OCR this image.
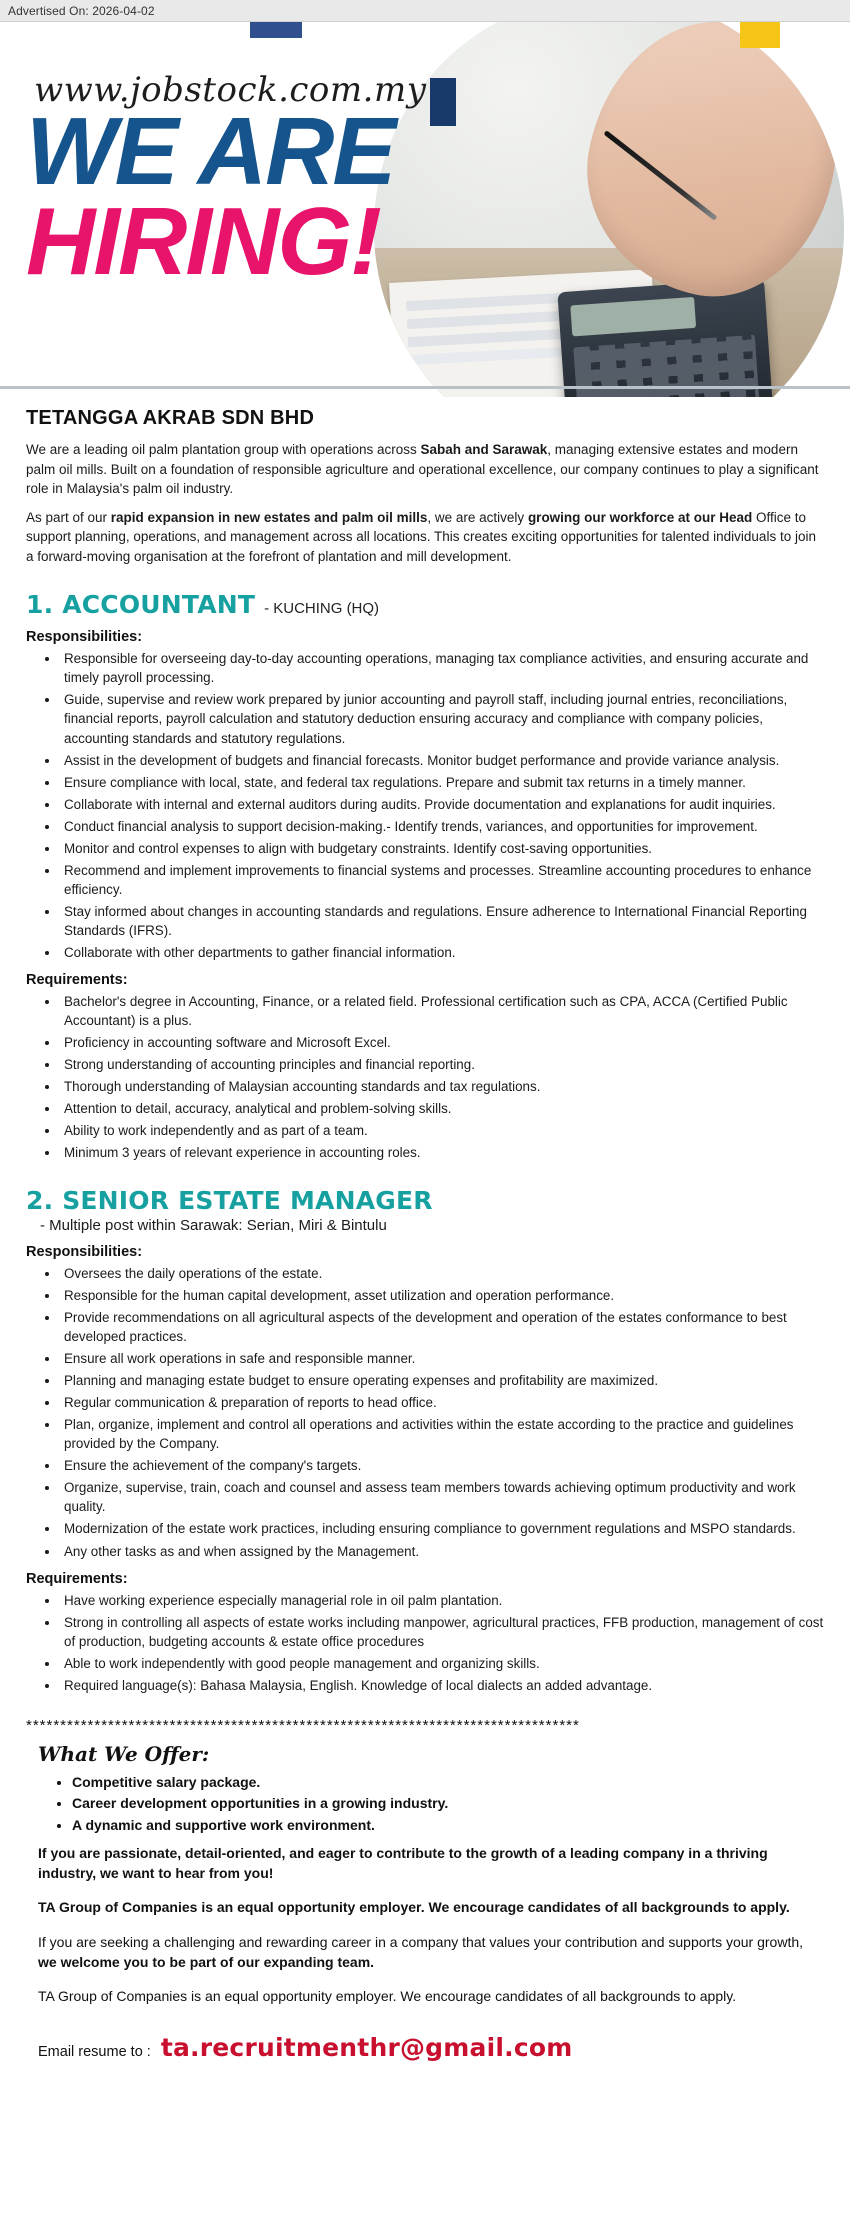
Advertised On: 2026-04-02
www.jobstock.com.my
WE ARE
HIRING!
TETANGGA AKRAB SDN BHD

We are a leading oil palm plantation group with operations across Sabah and Sarawak, managing extensive estates and modern palm oil mills. Built on a foundation of responsible agriculture and operational excellence, our company continues to play a significant role in Malaysia's palm oil industry.

As part of our rapid expansion in new estates and palm oil mills, we are actively growing our workforce at our Head Office to support planning, operations, and management across all locations. This creates exciting opportunities for talented individuals to join a forward-moving organisation at the forefront of plantation and mill development.

1. ACCOUNTANT - KUCHING (HQ)
Responsibilities:
• Responsible for overseeing day-to-day accounting operations, managing tax compliance activities, and ensuring accurate and timely payroll processing.
• Guide, supervise and review work prepared by junior accounting and payroll staff, including journal entries, reconciliations, financial reports, payroll calculation and statutory deduction ensuring accuracy and compliance with company policies, accounting standards and statutory regulations.
• Assist in the development of budgets and financial forecasts. Monitor budget performance and provide variance analysis.
• Ensure compliance with local, state, and federal tax regulations. Prepare and submit tax returns in a timely manner.
• Collaborate with internal and external auditors during audits. Provide documentation and explanations for audit inquiries.
• Conduct financial analysis to support decision-making.- Identify trends, variances, and opportunities for improvement.
• Monitor and control expenses to align with budgetary constraints. Identify cost-saving opportunities.
• Recommend and implement improvements to financial systems and processes. Streamline accounting procedures to enhance efficiency.
• Stay informed about changes in accounting standards and regulations. Ensure adherence to International Financial Reporting Standards (IFRS).
• Collaborate with other departments to gather financial information.
Requirements:
• Bachelor's degree in Accounting, Finance, or a related field. Professional certification such as CPA, ACCA (Certified Public Accountant) is a plus.
• Proficiency in accounting software and Microsoft Excel.
• Strong understanding of accounting principles and financial reporting.
• Thorough understanding of Malaysian accounting standards and tax regulations.
• Attention to detail, accuracy, analytical and problem-solving skills.
• Ability to work independently and as part of a team.
• Minimum 3 years of relevant experience in accounting roles.
2. SENIOR ESTATE MANAGER
- Multiple post within Sarawak: Serian, Miri & Bintulu
Responsibilities:
• Oversees the daily operations of the estate.
• Responsible for the human capital development, asset utilization and operation performance.
• Provide recommendations on all agricultural aspects of the development and operation of the estates conformance to best developed practices.
• Ensure all work operations in safe and responsible manner.
• Planning and managing estate budget to ensure operating expenses and profitability are maximized.
• Regular communication & preparation of reports to head office.
• Plan, organize, implement and control all operations and activities within the estate according to the practice and guidelines provided by the Company.
• Ensure the achievement of the company's targets.
• Organize, supervise, train, coach and counsel and assess team members towards achieving optimum productivity and work quality.
• Modernization of the estate work practices, including ensuring compliance to government regulations and MSPO standards.
• Any other tasks as and when assigned by the Management.
Requirements:
• Have working experience especially managerial role in oil palm plantation.
• Strong in controlling all aspects of estate works including manpower, agricultural practices, FFB production, management of cost of production, budgeting accounts & estate office procedures
• Able to work independently with good people management and organizing skills.
• Required language(s): Bahasa Malaysia, English. Knowledge of local dialects an added advantage.
*********************************************************************************
What We Offer:
• Competitive salary package.
• Career development opportunities in a growing industry.
• A dynamic and supportive work environment.

If you are passionate, detail-oriented, and eager to contribute to the growth of a leading company in a thriving industry, we want to hear from you!

TA Group of Companies is an equal opportunity employer. We encourage candidates of all backgrounds to apply.

If you are seeking a challenging and rewarding career in a company that values your contribution and supports your growth, we welcome you to be part of our expanding team.

TA Group of Companies is an equal opportunity employer. We encourage candidates of all backgrounds to apply.

Email resume to : ta.recruitmenthr@gmail.com
